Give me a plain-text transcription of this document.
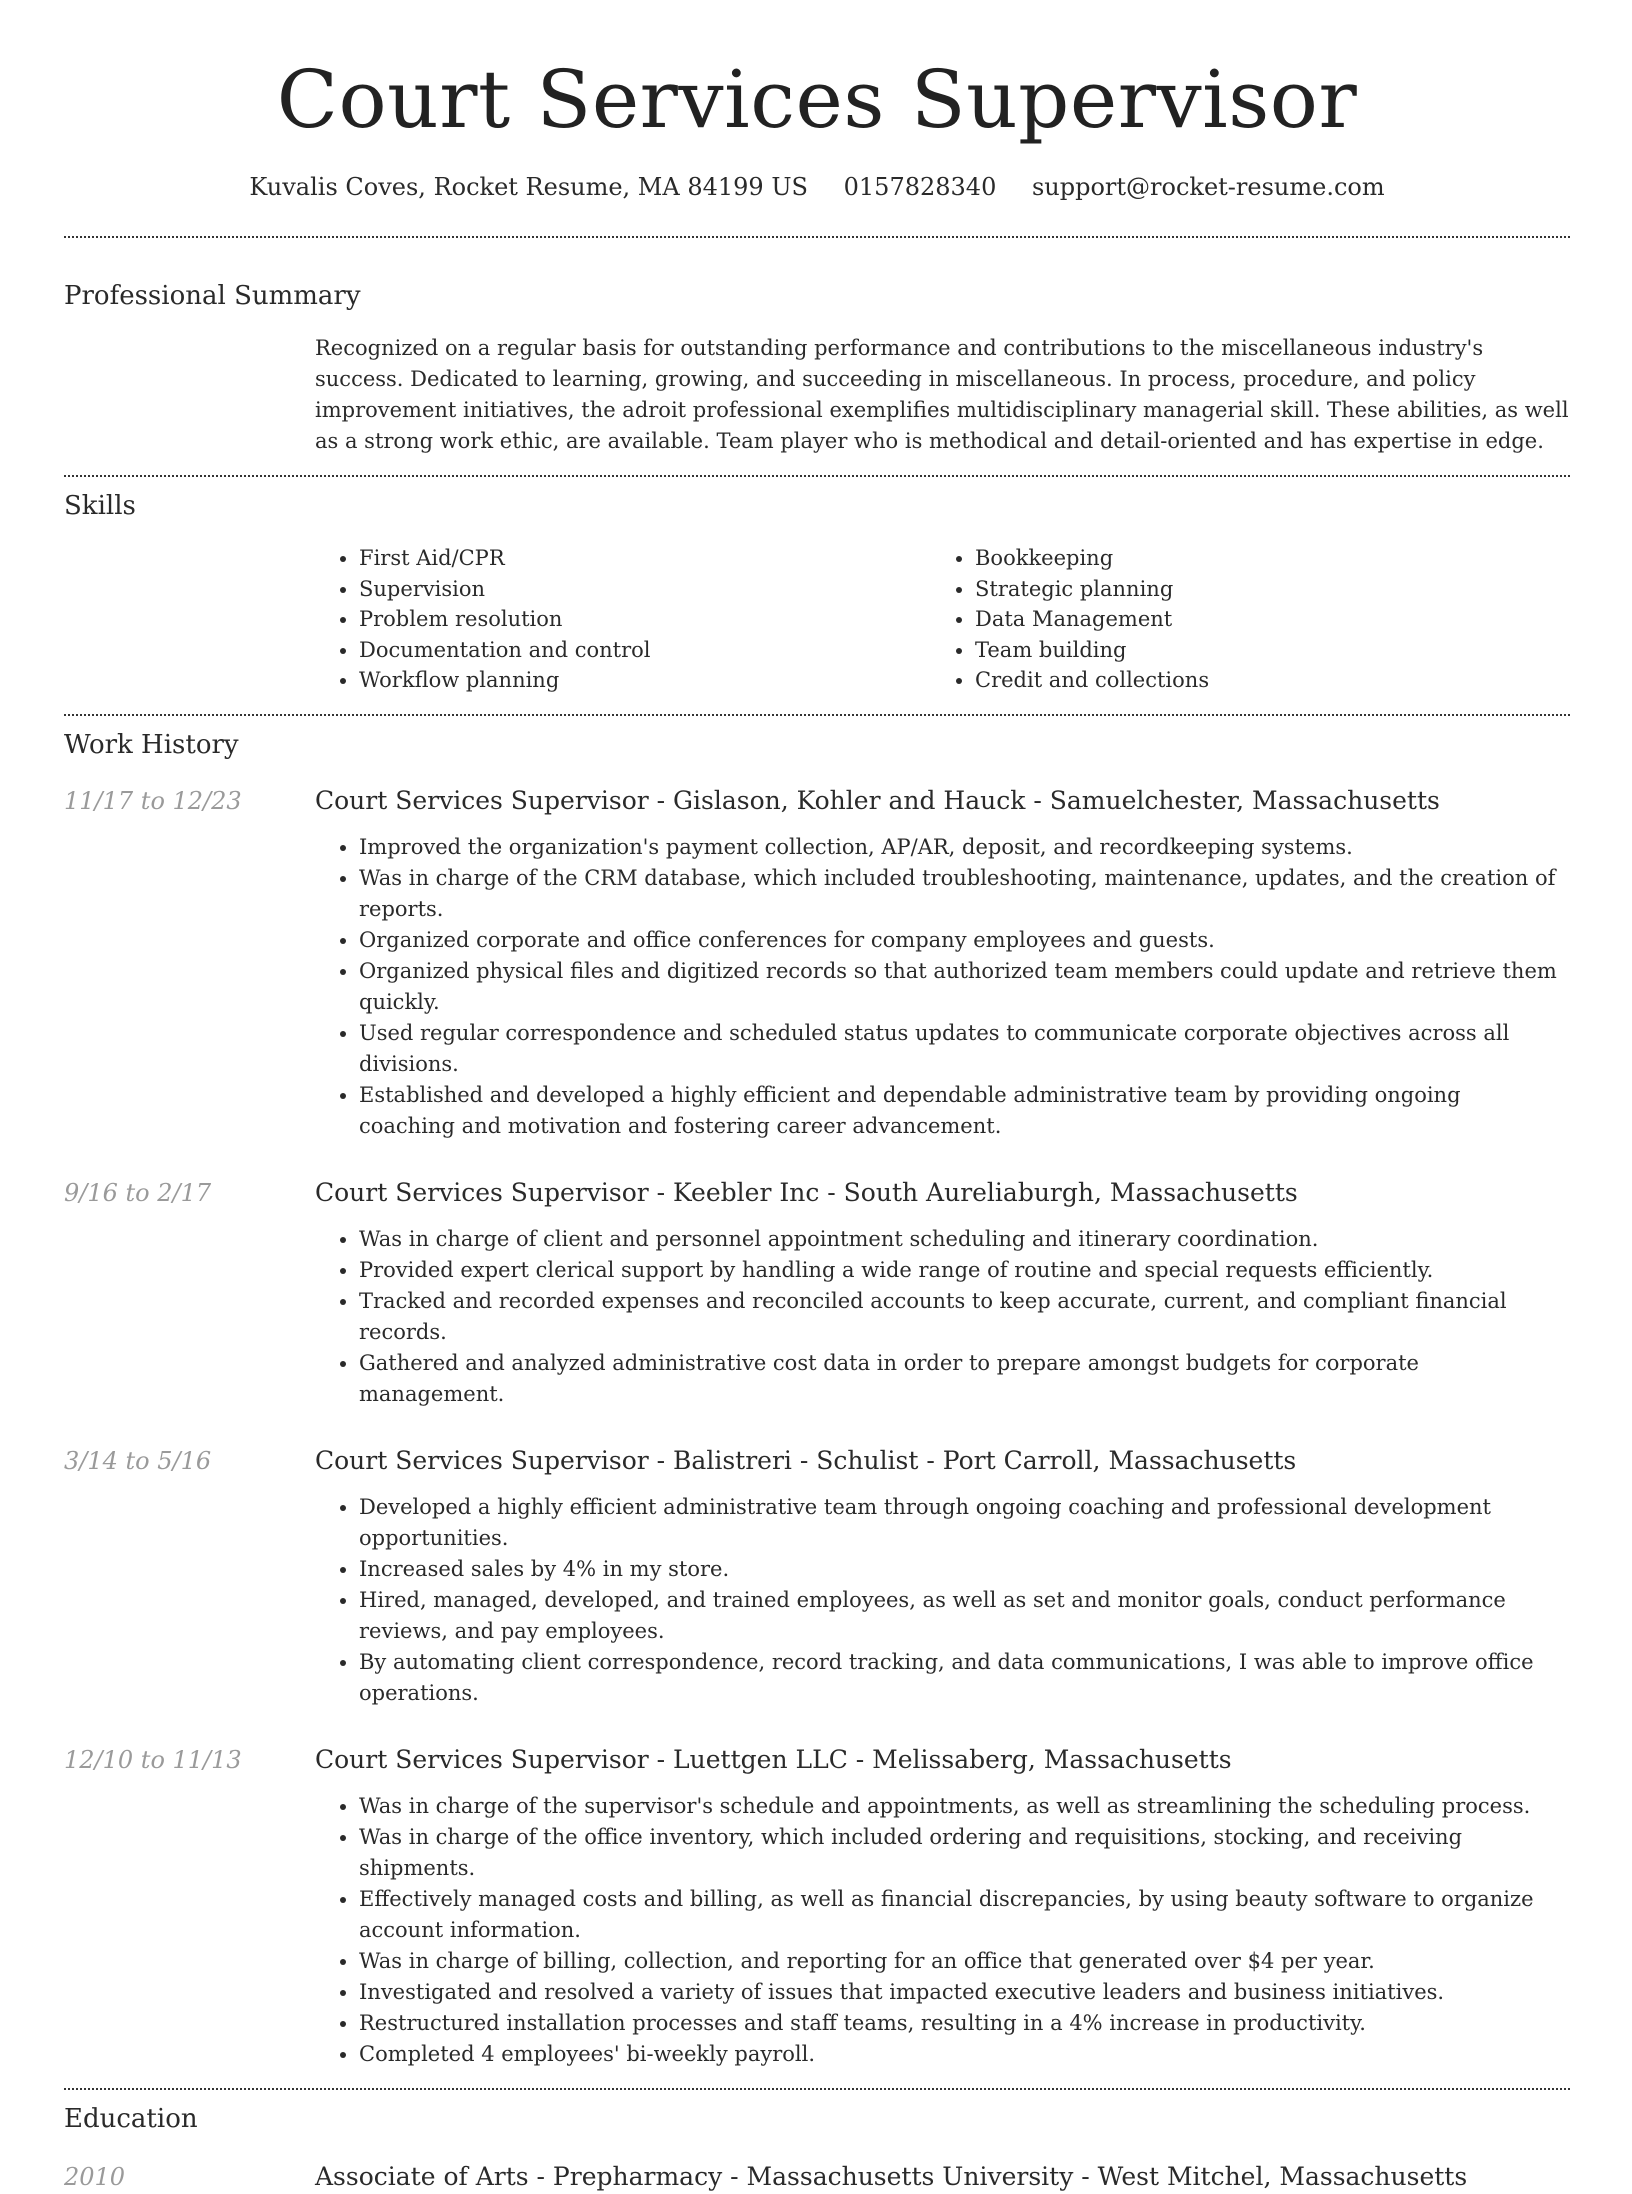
Court Services Supervisor
Kuvalis Coves, Rocket Resume, MA 84199 US 0157828340 support@rocket-resume.com
Professional Summary

Recognized on a regular basis for outstanding performance and contributions to the miscellaneous industry's success. Dedicated to learning, growing, and succeeding in miscellaneous. In process, procedure, and policy improvement initiatives, the adroit professional exemplifies multidisciplinary managerial skill. These abilities, as well as a strong work ethic, are available. Team player who is methodical and detail-oriented and has expertise in edge.

Skills
• First Aid/CPR
• Supervision
• Problem resolution
• Documentation and control
• Workflow planning
• Bookkeeping
• Strategic planning
• Data Management
• Team building
• Credit and collections
Work History
11/17 to 12/23	Court Services Supervisor - Gislason, Kohler and Hauck - Samuelchester, Massachusetts
• Improved the organization's payment collection, AP/AR, deposit, and recordkeeping systems.
• Was in charge of the CRM database, which included troubleshooting, maintenance, updates, and the creation of reports.
• Organized corporate and office conferences for company employees and guests.
• Organized physical files and digitized records so that authorized team members could update and retrieve them quickly.
• Used regular correspondence and scheduled status updates to communicate corporate objectives across all divisions.
• Established and developed a highly efficient and dependable administrative team by providing ongoing coaching and motivation and fostering career advancement.
9/16 to 2/17	Court Services Supervisor - Keebler Inc - South Aureliaburgh, Massachusetts
• Was in charge of client and personnel appointment scheduling and itinerary coordination.
• Provided expert clerical support by handling a wide range of routine and special requests efficiently.
• Tracked and recorded expenses and reconciled accounts to keep accurate, current, and compliant financial records.
• Gathered and analyzed administrative cost data in order to prepare amongst budgets for corporate management.
3/14 to 5/16	Court Services Supervisor - Balistreri - Schulist - Port Carroll, Massachusetts
• Developed a highly efficient administrative team through ongoing coaching and professional development opportunities.
• Increased sales by 4% in my store.
• Hired, managed, developed, and trained employees, as well as set and monitor goals, conduct performance reviews, and pay employees.
• By automating client correspondence, record tracking, and data communications, I was able to improve office operations.
12/10 to 11/13	Court Services Supervisor - Luettgen LLC - Melissaberg, Massachusetts
• Was in charge of the supervisor's schedule and appointments, as well as streamlining the scheduling process.
• Was in charge of the office inventory, which included ordering and requisitions, stocking, and receiving shipments.
• Effectively managed costs and billing, as well as financial discrepancies, by using beauty software to organize account information.
• Was in charge of billing, collection, and reporting for an office that generated over $4 per year.
• Investigated and resolved a variety of issues that impacted executive leaders and business initiatives.
• Restructured installation processes and staff teams, resulting in a 4% increase in productivity.
• Completed 4 employees' bi-weekly payroll.
Education
2010	Associate of Arts - Prepharmacy - Massachusetts University - West Mitchel, Massachusetts
